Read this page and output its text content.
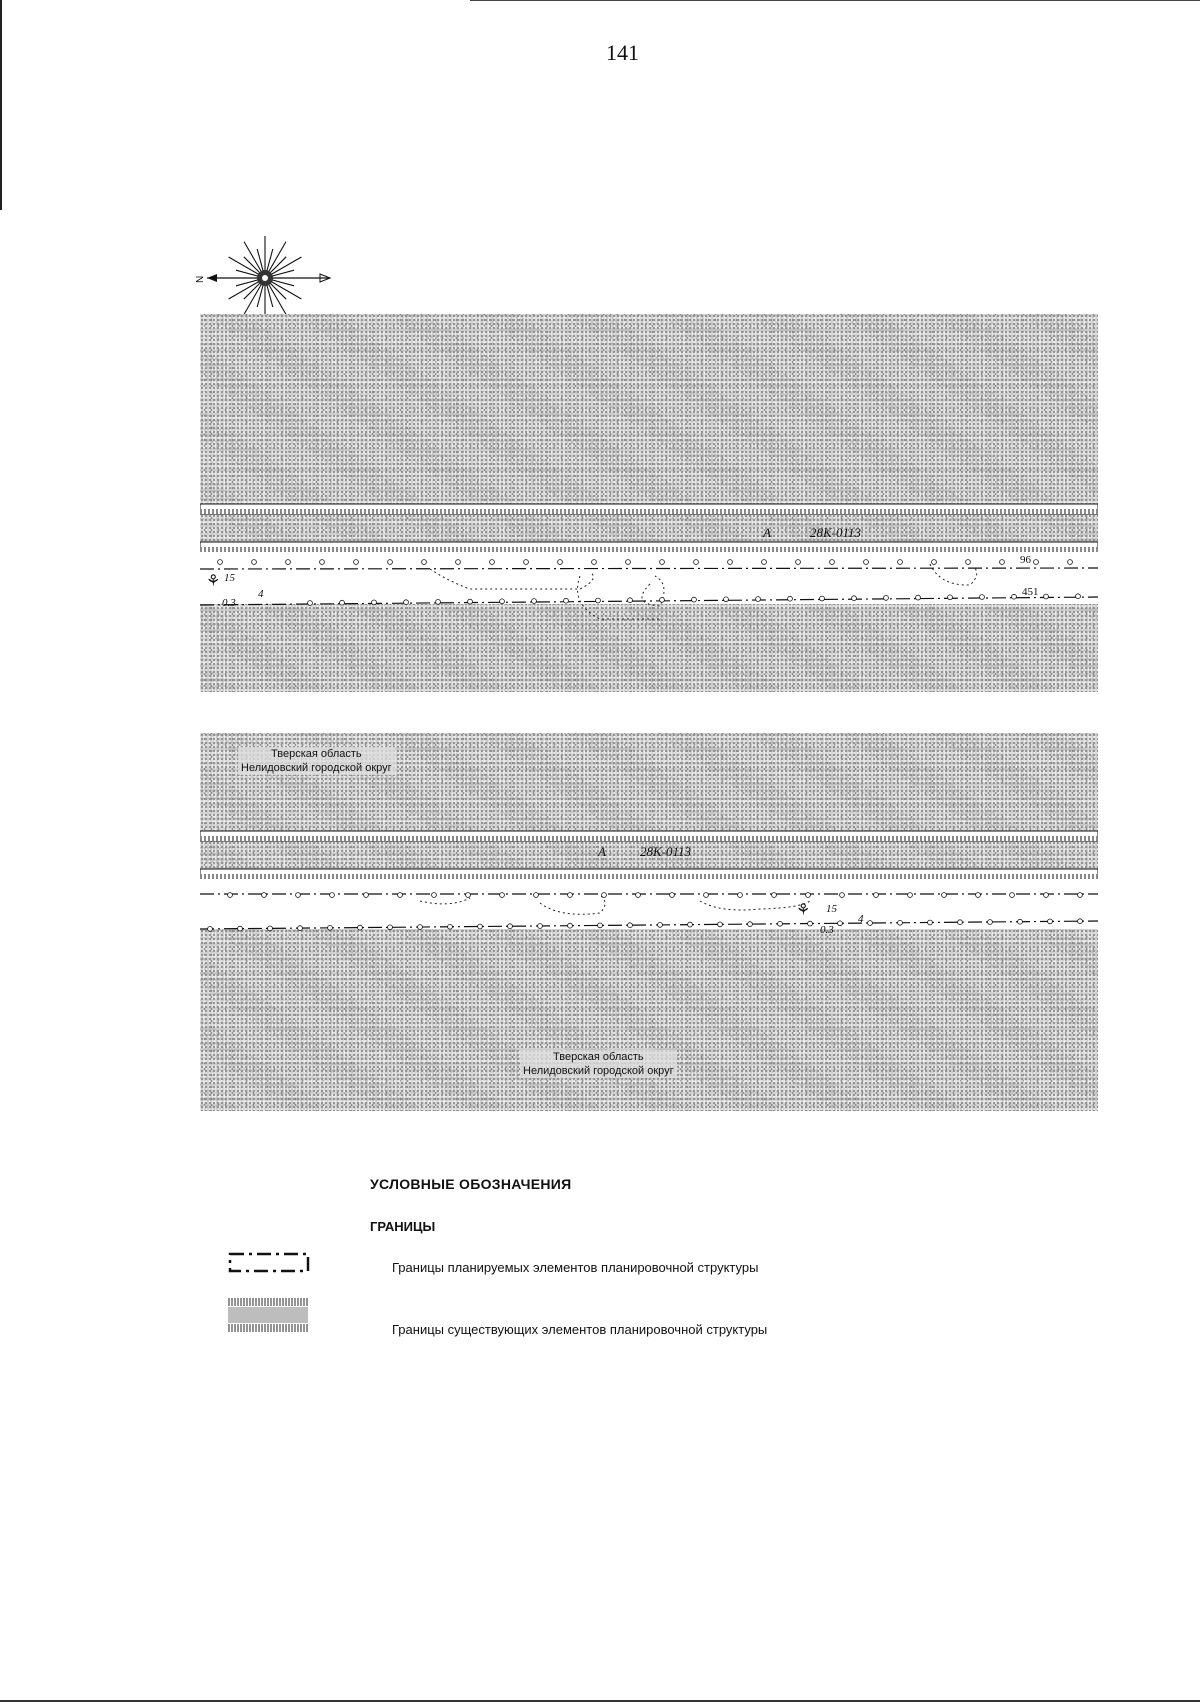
141
N
А	28К-0113
96
451
⚘ 15
4
0.3
Тверская область
Нелидовский городской округ
А	28К-0113
⚘ 15
4
0.3
Тверская область
Нелидовский городской округ
УСЛОВНЫЕ ОБОЗНАЧЕНИЯ
ГРАНИЦЫ
Границы планируемых элементов планировочной структуры
Границы существующих элементов планировочной структуры
